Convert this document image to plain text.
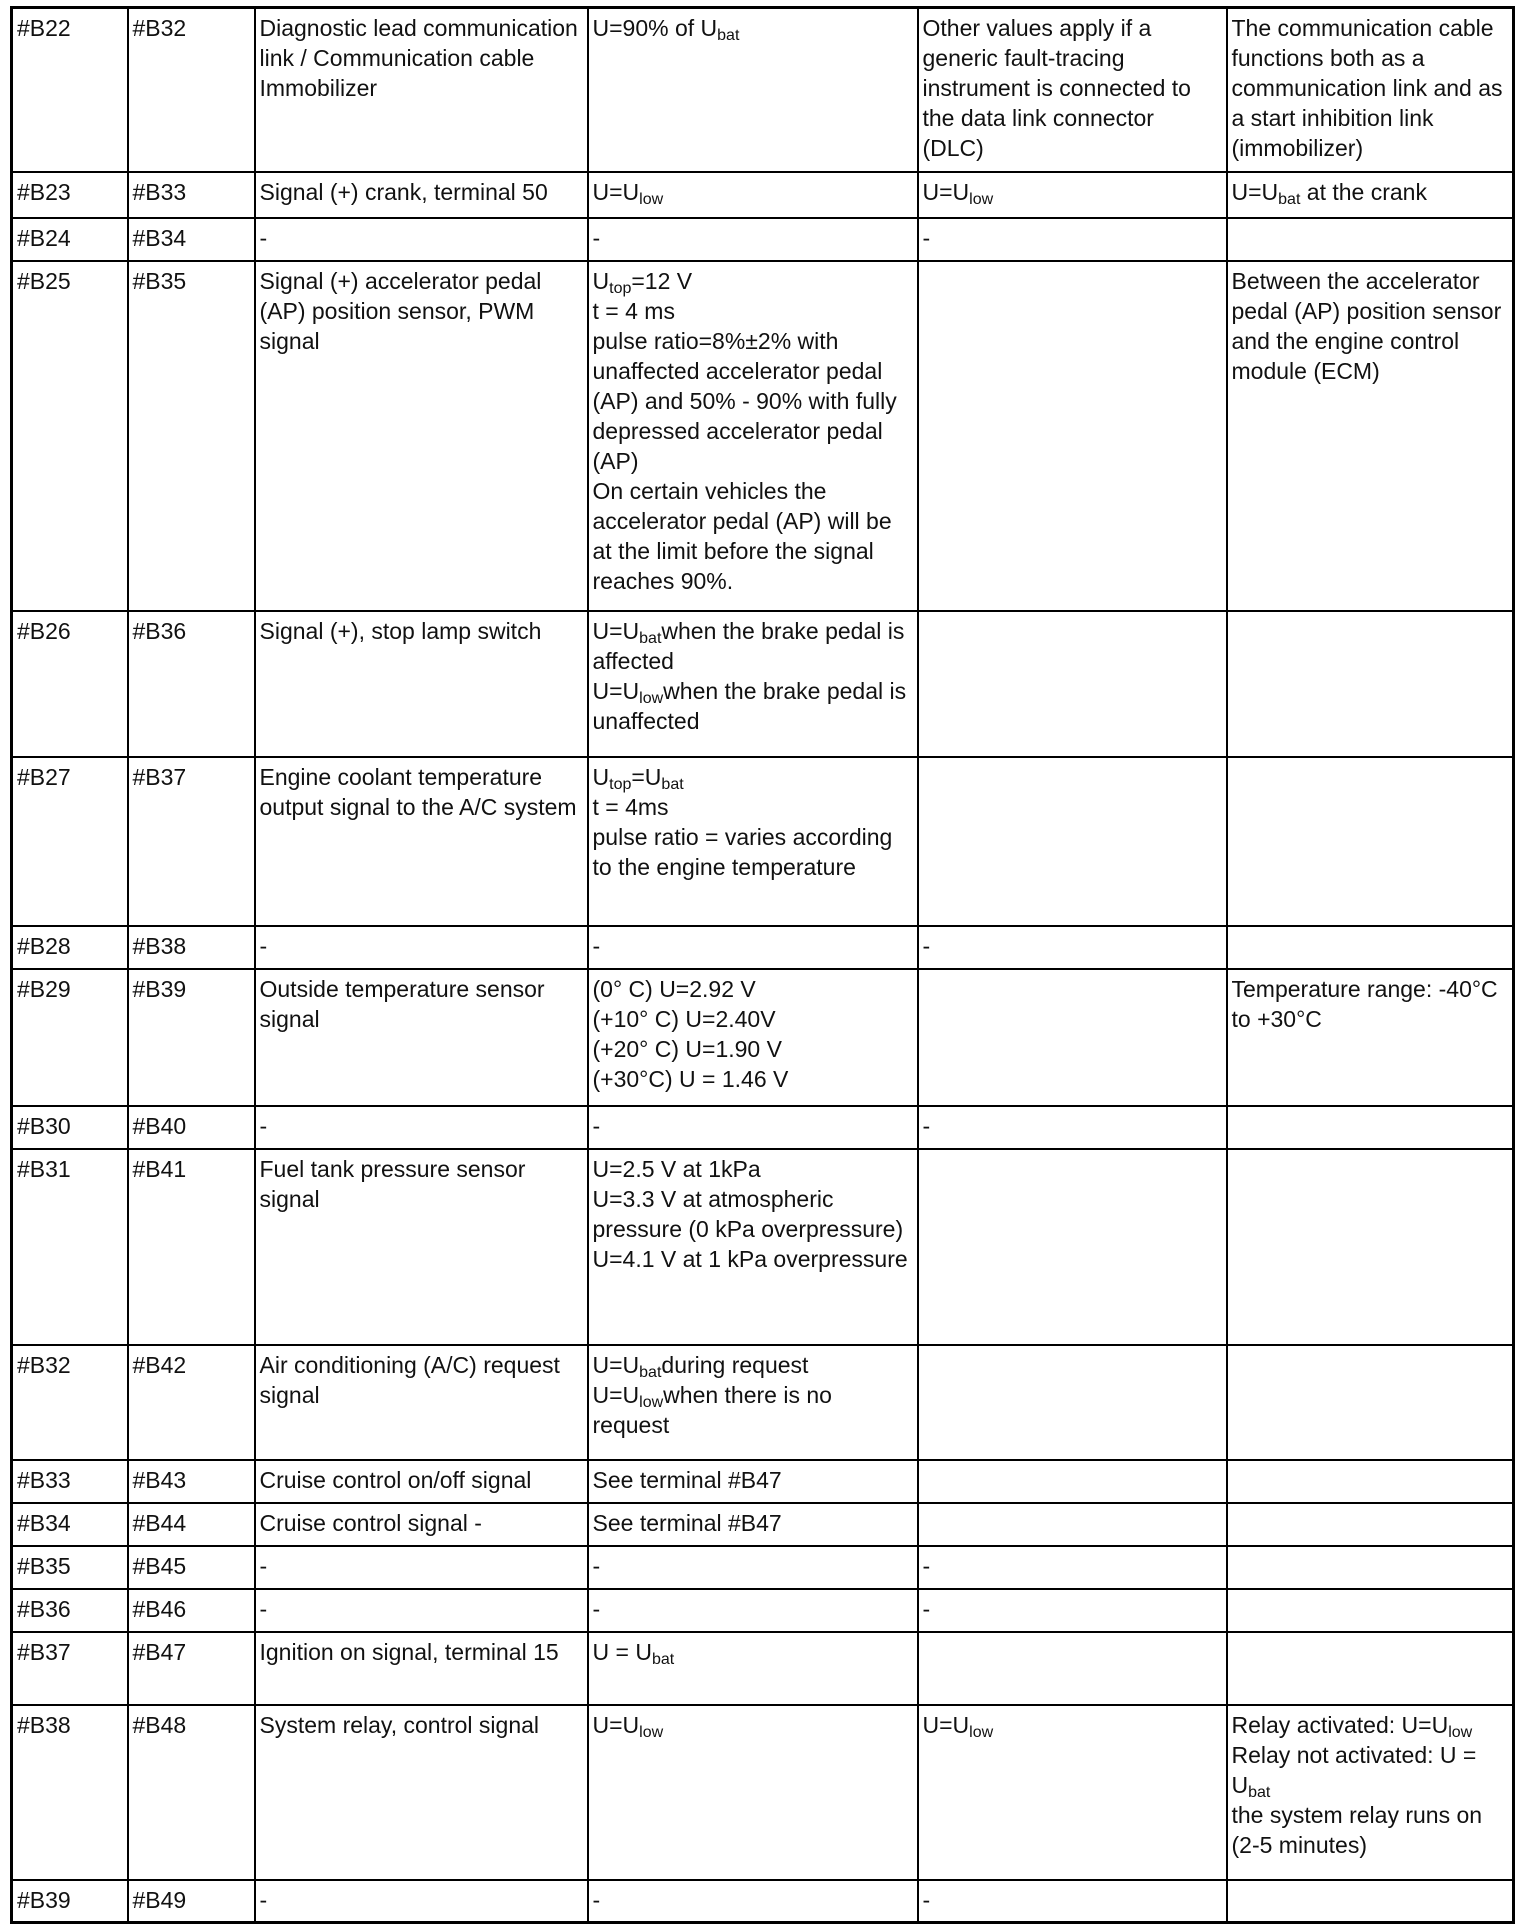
#B22	#B32	Diagnostic lead communication link / Communication cable Immobilizer	U=90% of $U_{bat}$	Other values apply if a generic fault-tracing instrument is connected to the data link connector (DLC)	The communication cable functions both as a communication link and as a start inhibition link (immobilizer)

#B23	#B33	Signal (+) crank, terminal 50	$U=U_{low}$	$U=U_{low}$	$U=U_{bat}$ at the crank

#B24	#B34	-	-	-	

#B25	#B35	Signal (+) accelerator pedal (AP) position sensor, PWM signal	$U_{top}=12$ V
t = 4 ms
pulse ratio=8%±2% with unaffected accelerator pedal (AP) and 50% - 90% with fully depressed accelerator pedal (AP)
On certain vehicles the accelerator pedal (AP) will be at the limit before the signal reaches 90%.		Between the accelerator pedal (AP) position sensor and the engine control module (ECM)

#B26	#B36	Signal (+), stop lamp switch	$U=U_{bat}when$ the brake pedal is affected
$U=U_{low}when$ the brake pedal is unaffected		

#B27	#B37	Engine coolant temperature output signal to the A/C system	$U_{top}=U_{bat}$
t = 4ms
pulse ratio = varies according to the engine temperature		

#B28	#B38	-	-	-	

#B29	#B39	Outside temperature sensor signal	(0° C) U=2.92 V
(+10° C) U=2.40V
(+20° C) U=1.90 V
(+30°C) U = 1.46 V		Temperature range: -40°C to +30°C

#B30	#B40	-	-	-	

#B31	#B41	Fuel tank pressure sensor signal	U=2.5 V at 1kPa
U=3.3 V at atmospheric pressure (0 kPa overpressure)
U=4.1 V at 1 kPa overpressure		

#B32	#B42	Air conditioning (A/C) request signal	$U=U_{bat}during$ request
$U=U_{low}when$ there is no request		

#B33	#B43	Cruise control on/off signal	See terminal #B47		

#B34	#B44	Cruise control signal -	See terminal #B47		

#B35	#B45	-	-	-	

#B36	#B46	-	-	-	

#B37	#B47	Ignition on signal, terminal 15	$U = U_{bat}$

#B38	#B48	System relay, control signal	$U=U_{low}$	$U=U_{low}$	Relay activated: $U=U_{low}$
Relay not activated: $U = U_{bat}$
the system relay runs on (2-5 minutes)

#B39	#B49	-	-	-	
